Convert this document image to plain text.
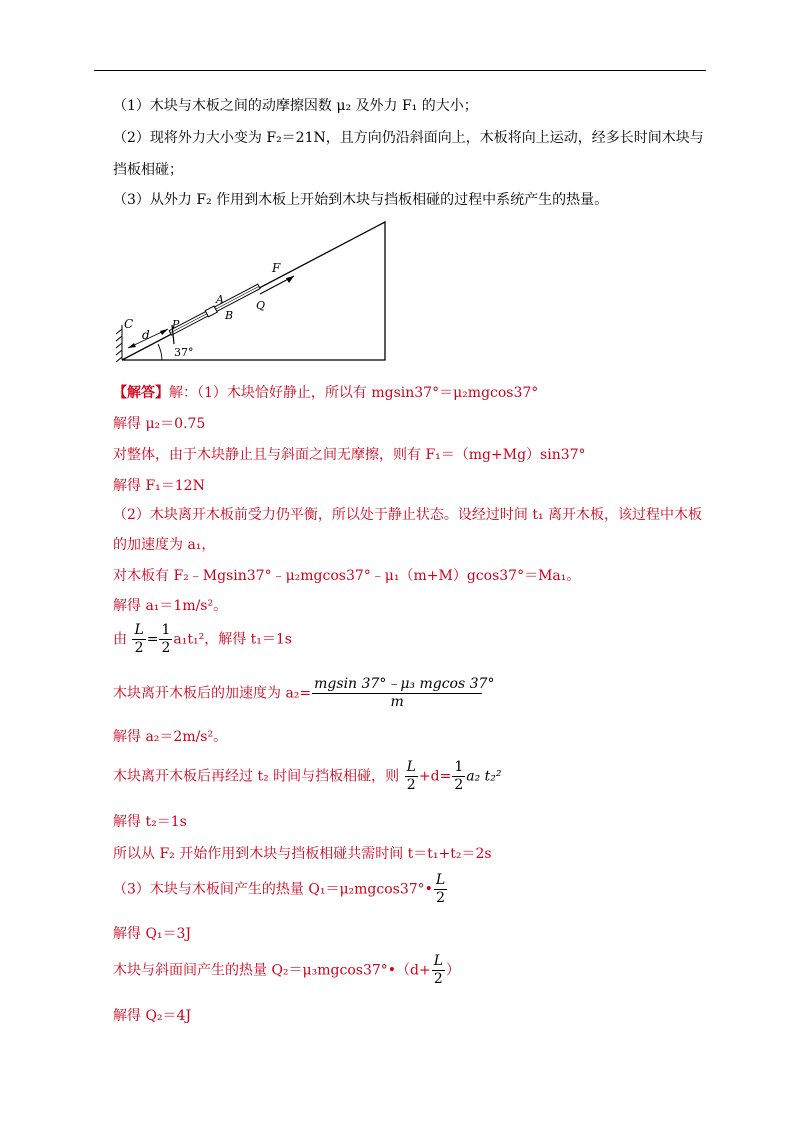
（1）木块与木板之间的动摩擦因数 μ₂ 及外力 F₁ 的大小；
（2）现将外力大小变为 F₂＝21N，且方向仍沿斜面向上，木板将向上运动，经多长时间木块与
挡板相碰；
（3）从外力 F₂ 作用到木板上开始到木块与挡板相碰的过程中系统产生的热量。
C
d
P
A
B
Q
F
37°
【解答】解：（1）木块恰好静止，所以有 mgsin37°＝μ₂mgcos37°
解得 μ₂＝0.75
对整体，由于木块静止且与斜面之间无摩擦，则有 F₁＝（mg+Mg）sin37°
解得 F₁＝12N
（2）木块离开木板前受力仍平衡，所以处于静止状态。设经过时间 t₁ 离开木板，该过程中木板
的加速度为 a₁，
对木板有 F₂﹣Mgsin37°﹣μ₂mgcos37°﹣μ₁（m+M）gcos37°＝Ma₁。
解得 a₁＝1m/s²。
由 $\frac{L}{2} = \frac{1}{2} a_1t_1^2$，解得 t₁＝1s
木块离开木板后的加速度为 $a_2= \frac{\text{mgsin 37°﹣μ₃ mgcos 37°}}{m}$
解得 a₂＝2m/s²。
木块离开木板后再经过 t₂ 时间与挡板相碰，则 $\frac{L}{2} +d= \frac{1}{2} a_2$ t₂²
解得 t₂＝1s
所以从 F₂ 开始作用到木块与挡板相碰共需时间 t＝t₁+t₂＝2s
（3）木块与木板间产生的热量 Q₁＝μ₂mgcos37°• $\frac{L}{2}$
解得 Q₁＝3J
木块与斜面间产生的热量 Q₂＝μ₃mgcos37°•（d+ $\frac{L}{2}$ ）
解得 Q₂＝4J
